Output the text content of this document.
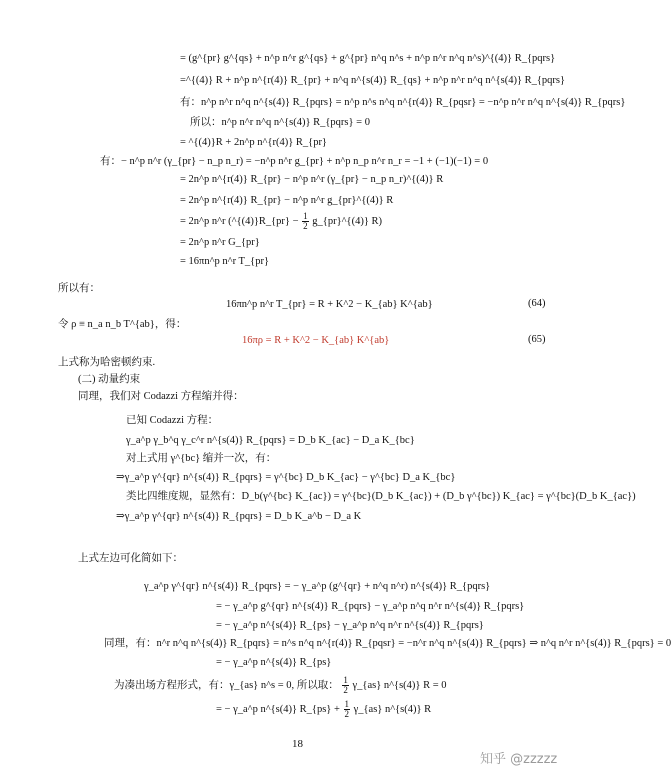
= (g^{pr} g^{qs} + n^p n^r g^{qs} + g^{pr} n^q n^s + n^p n^r n^q n^s)^{(4)} R_{pqrs}
=^{(4)} R + n^p n^{r(4)} R_{pr} + n^q n^{s(4)} R_{qs} + n^p n^r n^q n^{s(4)} R_{pqrs}
有：n^p n^r n^q n^{s(4)} R_{pqrs} = n^p n^s n^q n^{r(4)} R_{pqsr} = −n^p n^r n^q n^{s(4)} R_{pqrs}
所以：n^p n^r n^q n^{s(4)} R_{pqrs} = 0
= ^{(4)}R + 2n^p n^{r(4)} R_{pr}
有：− n^p n^r (γ_{pr} − n_p n_r) = −n^p n^r g_{pr} + n^p n_p n^r n_r = −1 + (−1)(−1) = 0
= 2n^p n^{r(4)} R_{pr} − n^p n^r (γ_{pr} − n_p n_r)^{(4)} R
= 2n^p n^{r(4)} R_{pr} − n^p n^r g_{pr}^{(4)} R
= 2n^p n^r (^{(4)}R_{pr} − $\frac{1}{2}$ g_{pr}^{(4)} R)
= 2n^p n^r G_{pr}
= 16πn^p n^r T_{pr}
所以有：
16πn^p n^r T_{pr} = R + K^2 − K_{ab} K^{ab}	(64)
令 ρ ≡ n_a n_b T^{ab}，得：
16πρ = R + K^2 − K_{ab} K^{ab}	(65)
上式称为哈密顿约束.
(二) 动量约束
同理，我们对 Codazzi 方程缩并得：
已知 Codazzi 方程：
γ_a^p γ_b^q γ_c^r n^{s(4)} R_{pqrs} = D_b K_{ac} − D_a K_{bc}
对上式用 γ^{bc} 缩并一次，有：
⇒γ_a^p γ^{qr} n^{s(4)} R_{pqrs} = γ^{bc} D_b K_{ac} − γ^{bc} D_a K_{bc}
类比四维度规，显然有：D_b(γ^{bc} K_{ac}) = γ^{bc}(D_b K_{ac}) + (D_b γ^{bc}) K_{ac} = γ^{bc}(D_b K_{ac})
⇒γ_a^p γ^{qr} n^{s(4)} R_{pqrs} = D_b K_a^b − D_a K
上式左边可化简如下：
γ_a^p γ^{qr} n^{s(4)} R_{pqrs} = − γ_a^p (g^{qr} + n^q n^r) n^{s(4)} R_{pqrs}
= − γ_a^p g^{qr} n^{s(4)} R_{pqrs} − γ_a^p n^q n^r n^{s(4)} R_{pqrs}
= − γ_a^p n^{s(4)} R_{ps} − γ_a^p n^q n^r n^{s(4)} R_{pqrs}
同理，有：n^r n^q n^{s(4)} R_{pqrs} = n^s n^q n^{r(4)} R_{pqsr} = −n^r n^q n^{s(4)} R_{pqrs} ⇒ n^q n^r n^{s(4)} R_{pqrs} = 0
= − γ_a^p n^{s(4)} R_{ps}
为凑出场方程形式，有：γ_{as} n^s = 0, 所以取： $\frac{1}{2}$ γ_{as} n^{s(4)} R = 0
= − γ_a^p n^{s(4)} R_{ps} + $\frac{1}{2}$ γ_{as} n^{s(4)} R
18
知乎 @zzzzz
